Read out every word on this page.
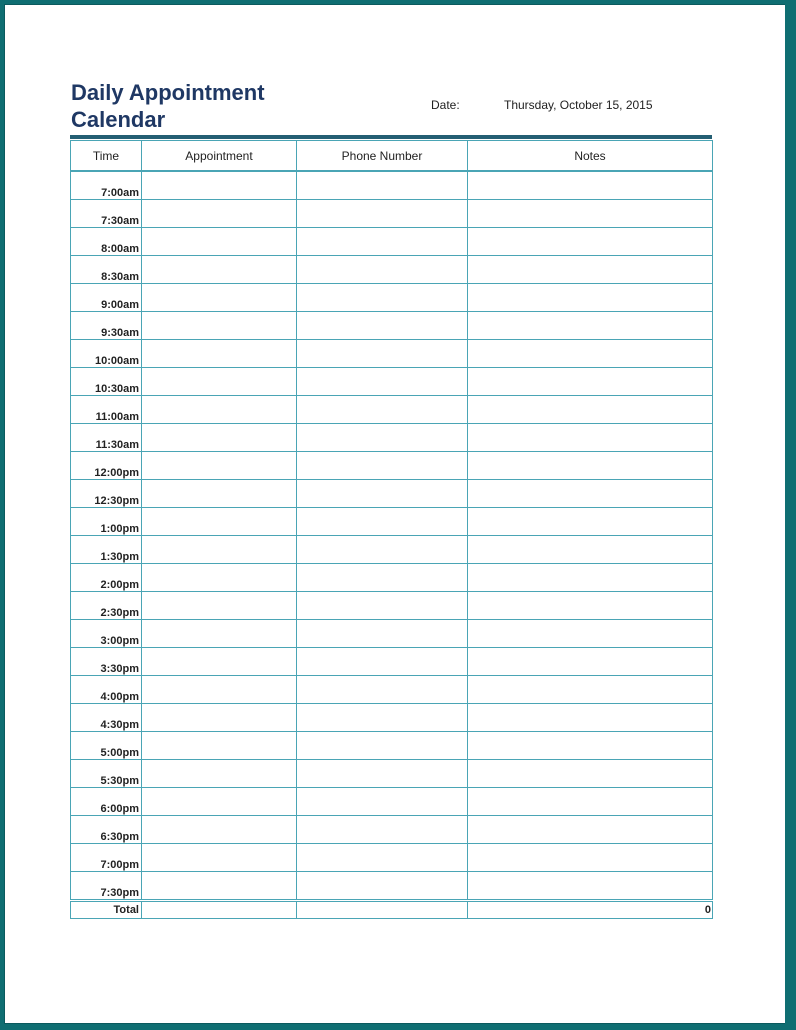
Daily Appointment Calendar
Date:	Thursday, October 15, 2015
Time	Appointment	Phone Number	Notes
7:00am			
7:30am			
8:00am			
8:30am			
9:00am			
9:30am			
10:00am			
10:30am			
11:00am			
11:30am			
12:00pm			
12:30pm			
1:00pm			
1:30pm			
2:00pm			
2:30pm			
3:00pm			
3:30pm			
4:00pm			
4:30pm			
5:00pm			
5:30pm			
6:00pm			
6:30pm			
7:00pm			
7:30pm			
Total			0
